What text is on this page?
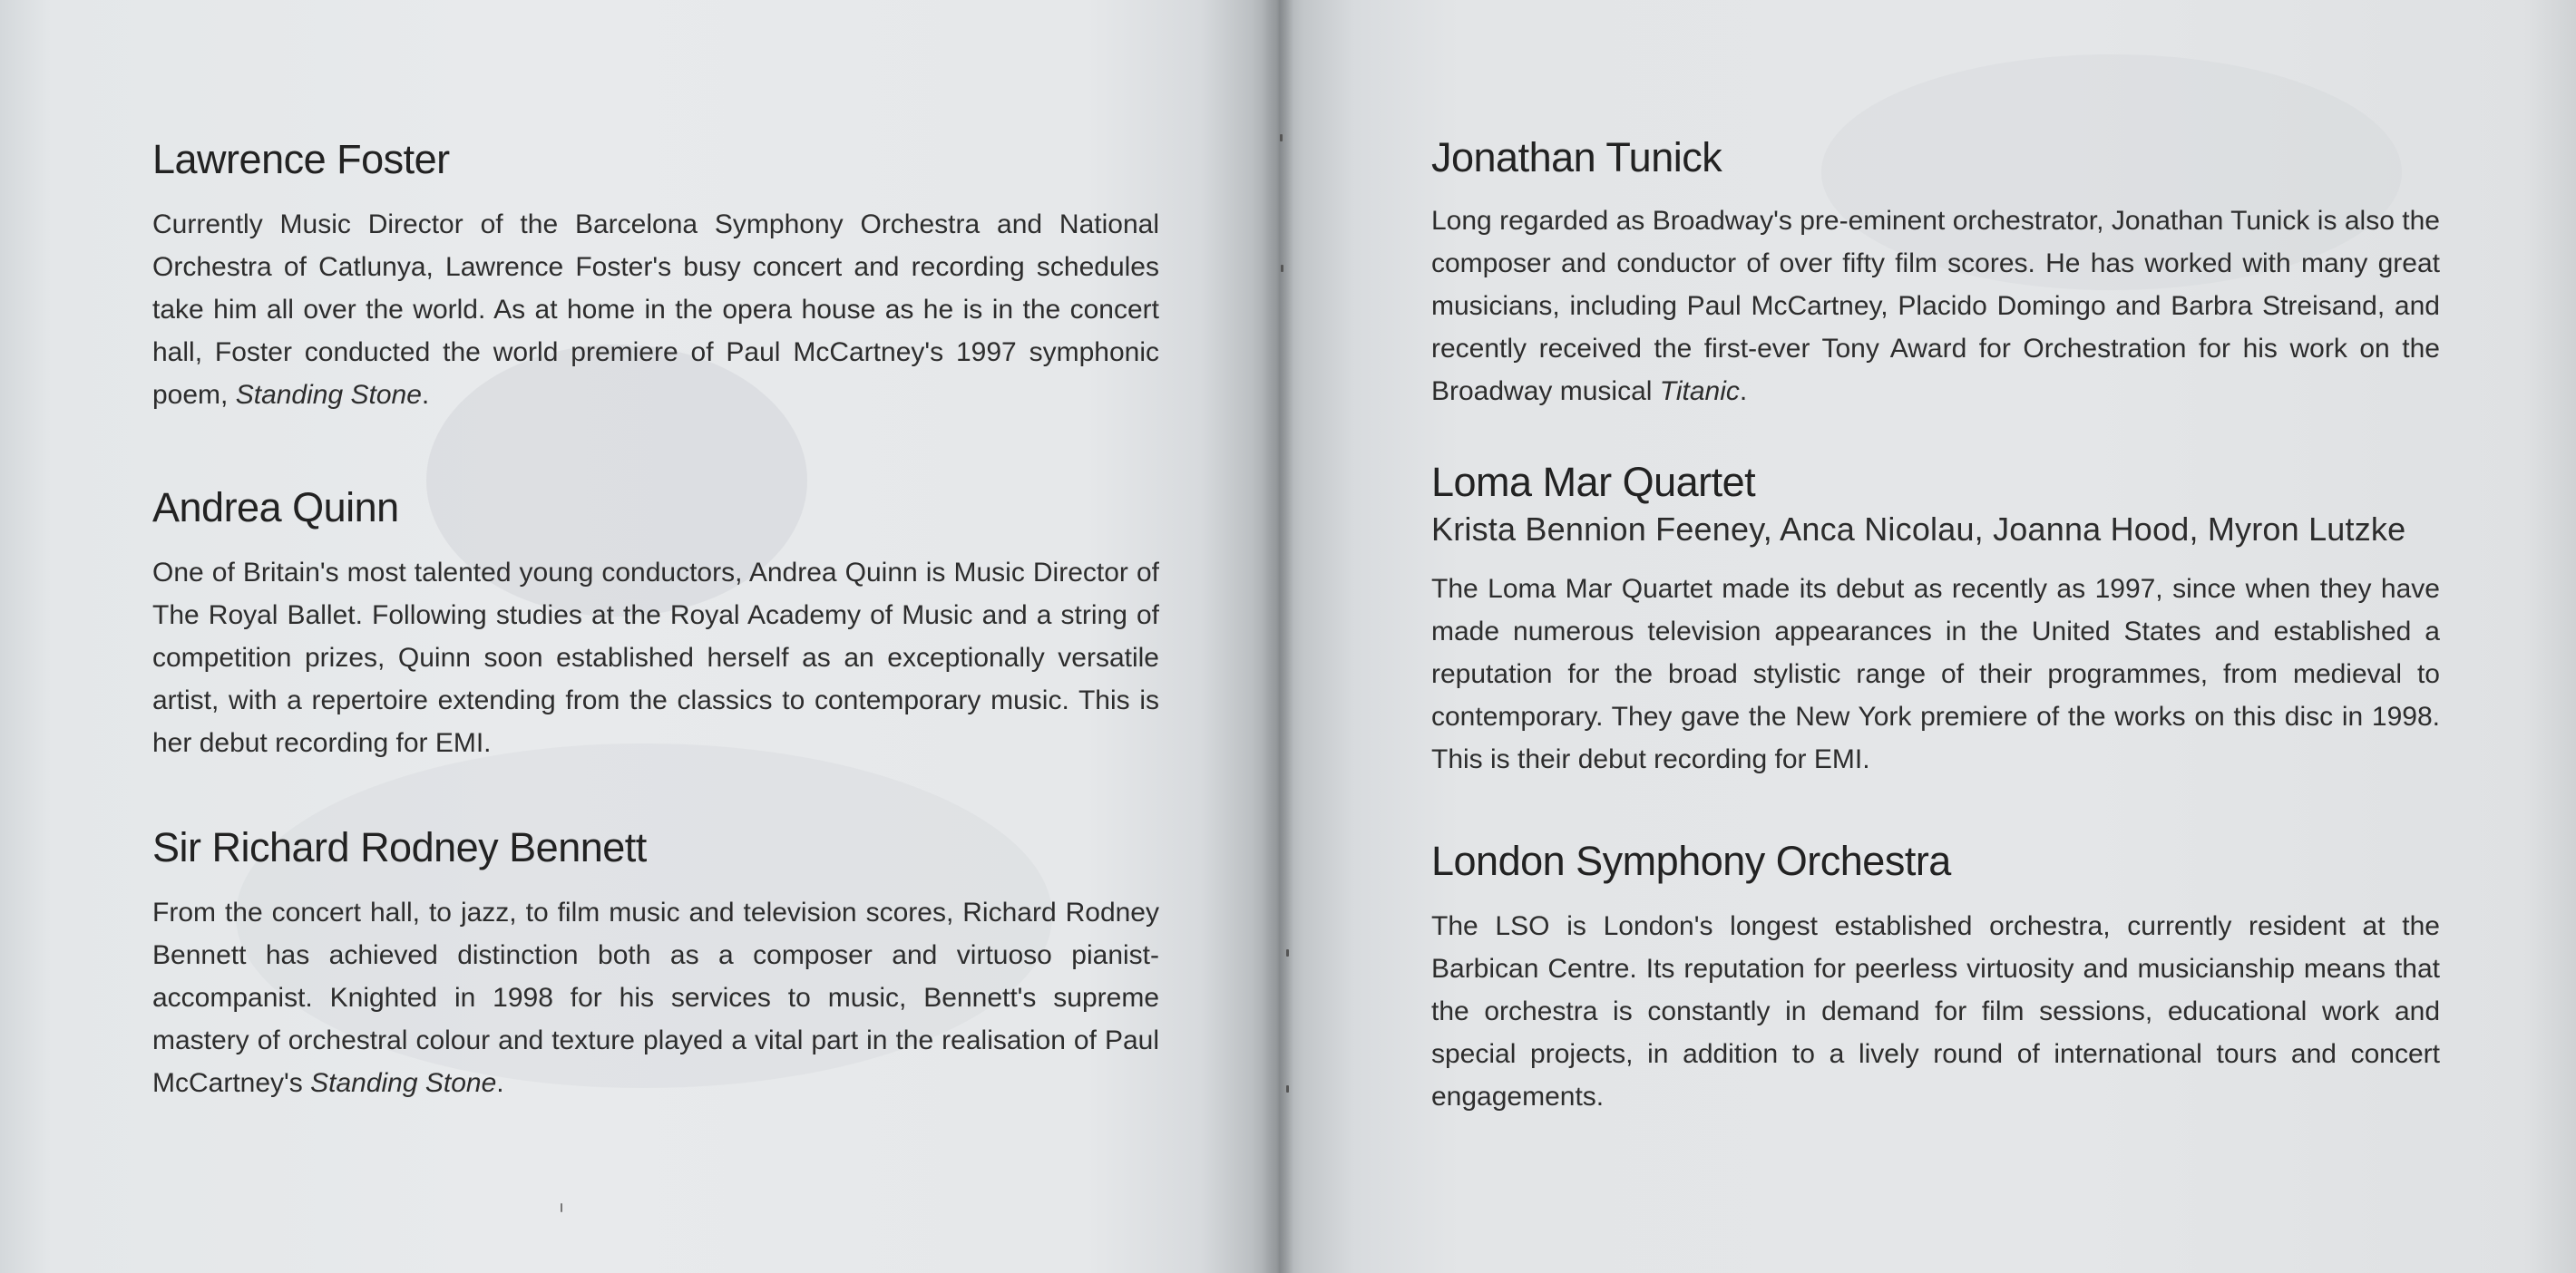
Lawrence Foster

Currently Music Director of the Barcelona Symphony Orchestra and National Orchestra of Catlunya, Lawrence Foster's busy concert and recording schedules take him all over the world. As at home in the opera house as he is in the concert hall, Foster conducted the world premiere of Paul McCartney's 1997 symphonic poem, Standing Stone.

Andrea Quinn

One of Britain's most talented young conductors, Andrea Quinn is Music Director of The Royal Ballet. Following studies at the Royal Academy of Music and a string of competition prizes, Quinn soon established herself as an exceptionally versatile artist, with a repertoire extending from the classics to contemporary music. This is her debut recording for EMI.

Sir Richard Rodney Bennett

From the concert hall, to jazz, to film music and television scores, Richard Rodney Bennett has achieved distinction both as a composer and virtuoso pianist-accompanist. Knighted in 1998 for his services to music, Bennett's supreme mastery of orchestral colour and texture played a vital part in the realisation of Paul McCartney's Standing Stone.

Jonathan Tunick

Long regarded as Broadway's pre-eminent orchestrator, Jonathan Tunick is also the composer and conductor of over fifty film scores. He has worked with many great musicians, including Paul McCartney, Placido Domingo and Barbra Streisand, and recently received the first-ever Tony Award for Orchestration for his work on the Broadway musical Titanic.

Loma Mar Quartet
Krista Bennion Feeney, Anca Nicolau, Joanna Hood, Myron Lutzke

The Loma Mar Quartet made its debut as recently as 1997, since when they have made numerous television appearances in the United States and established a reputation for the broad stylistic range of their programmes, from medieval to contemporary. They gave the New York premiere of the works on this disc in 1998. This is their debut recording for EMI.

London Symphony Orchestra

The LSO is London's longest established orchestra, currently resident at the Barbican Centre. Its reputation for peerless virtuosity and musicianship means that the orchestra is constantly in demand for film sessions, educational work and special projects, in addition to a lively round of international tours and concert engagements.
